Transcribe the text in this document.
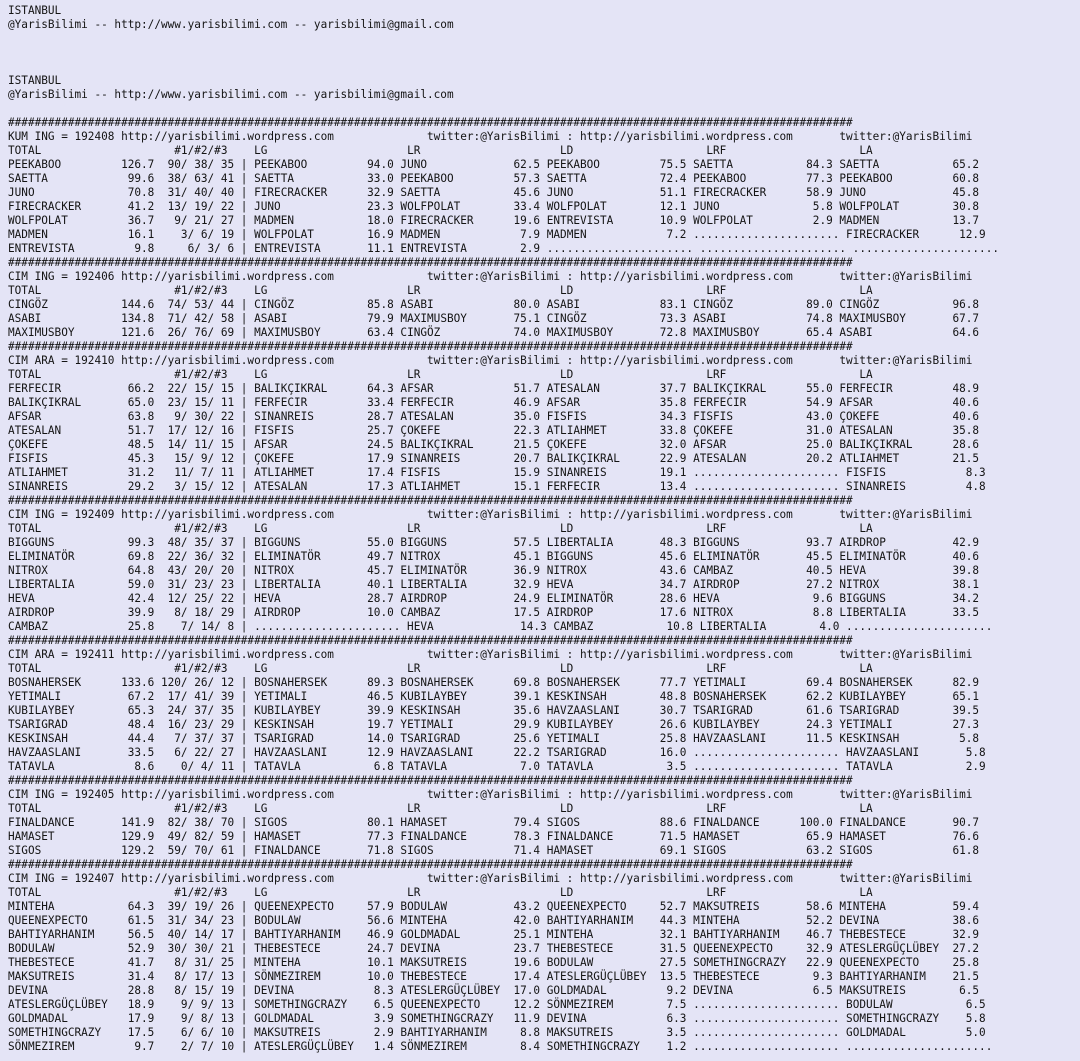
ISTANBUL
@YarisBilimi -- http://www.yarisbilimi.com -- yarisbilimi@gmail.com
ISTANBUL
@YarisBilimi -- http://www.yarisbilimi.com -- yarisbilimi@gmail.com
###############################################################################################################################
KUM ING = 192408 http://yarisbilimi.wordpress.com              twitter:@YarisBilimi : http://yarisbilimi.wordpress.com       twitter:@YarisBilimi
TOTAL                    #1/#2/#3    LG                     LR                     LD                    LRF                    LA
PEEKABOO         126.7  90/ 38/ 35 | PEEKABOO         94.0 JUNO             62.5 PEEKABOO         75.5 SAETTA           84.3 SAETTA           65.2
SAETTA            99.6  38/ 63/ 41 | SAETTA           33.0 PEEKABOO         57.3 SAETTA           72.4 PEEKABOO         77.3 PEEKABOO         60.8
JUNO              70.8  31/ 40/ 40 | FIRECRACKER      32.9 SAETTA           45.6 JUNO             51.1 FIRECRACKER      58.9 JUNO             45.8
FIRECRACKER       41.2  13/ 19/ 22 | JUNO             23.3 WOLFPOLAT        33.4 WOLFPOLAT        12.1 JUNO              5.8 WOLFPOLAT        30.8
WOLFPOLAT         36.7   9/ 21/ 27 | MADMEN           18.0 FIRECRACKER      19.6 ENTREVISTA       10.9 WOLFPOLAT         2.9 MADMEN           13.7
MADMEN            16.1    3/ 6/ 19 | WOLFPOLAT        16.9 MADMEN            7.9 MADMEN            7.2 ...................... FIRECRACKER      12.9
ENTREVISTA         9.8     6/ 3/ 6 | ENTREVISTA       11.1 ENTREVISTA        2.9 ...................... ...................... ......................
###############################################################################################################################
CIM ING = 192406 http://yarisbilimi.wordpress.com              twitter:@YarisBilimi : http://yarisbilimi.wordpress.com       twitter:@YarisBilimi
TOTAL                    #1/#2/#3    LG                     LR                     LD                    LRF                    LA
CINGÖZ           144.6  74/ 53/ 44 | CINGÖZ           85.8 ASABI            80.0 ASABI            83.1 CINGÖZ           89.0 CINGÖZ           96.8
ASABI            134.8  71/ 42/ 58 | ASABI            79.9 MAXIMUSBOY       75.1 CINGÖZ           73.3 ASABI            74.8 MAXIMUSBOY       67.7
MAXIMUSBOY       121.6  26/ 76/ 69 | MAXIMUSBOY       63.4 CINGÖZ           74.0 MAXIMUSBOY       72.8 MAXIMUSBOY       65.4 ASABI            64.6
###############################################################################################################################
CIM ARA = 192410 http://yarisbilimi.wordpress.com              twitter:@YarisBilimi : http://yarisbilimi.wordpress.com       twitter:@YarisBilimi
TOTAL                    #1/#2/#3    LG                     LR                     LD                    LRF                    LA
FERFECIR          66.2  22/ 15/ 15 | BALIKÇIKRAL      64.3 AFSAR            51.7 ATESALAN         37.7 BALIKÇIKRAL      55.0 FERFECIR         48.9
BALIKÇIKRAL       65.0  23/ 15/ 11 | FERFECIR         33.4 FERFECIR         46.9 AFSAR            35.8 FERFECIR         54.9 AFSAR            40.6
AFSAR             63.8   9/ 30/ 22 | SINANREIS        28.7 ATESALAN         35.0 FISFIS           34.3 FISFIS           43.0 ÇOKEFE           40.6
ATESALAN          51.7  17/ 12/ 16 | FISFIS           25.7 ÇOKEFE           22.3 ATLIAHMET        33.8 ÇOKEFE           31.0 ATESALAN         35.8
ÇOKEFE            48.5  14/ 11/ 15 | AFSAR            24.5 BALIKÇIKRAL      21.5 ÇOKEFE           32.0 AFSAR            25.0 BALIKÇIKRAL      28.6
FISFIS            45.3   15/ 9/ 12 | ÇOKEFE           17.9 SINANREIS        20.7 BALIKÇIKRAL      22.9 ATESALAN         20.2 ATLIAHMET        21.5
ATLIAHMET         31.2   11/ 7/ 11 | ATLIAHMET        17.4 FISFIS           15.9 SINANREIS        19.1 ...................... FISFIS            8.3
SINANREIS         29.2   3/ 15/ 12 | ATESALAN         17.3 ATLIAHMET        15.1 FERFECIR         13.4 ...................... SINANREIS         4.8
###############################################################################################################################
CIM ING = 192409 http://yarisbilimi.wordpress.com              twitter:@YarisBilimi : http://yarisbilimi.wordpress.com       twitter:@YarisBilimi
TOTAL                    #1/#2/#3    LG                     LR                     LD                    LRF                    LA
BIGGUNS           99.3  48/ 35/ 37 | BIGGUNS          55.0 BIGGUNS          57.5 LIBERTALIA       48.3 BIGGUNS          93.7 AIRDROP          42.9
ELIMINATÖR        69.8  22/ 36/ 32 | ELIMINATÖR       49.7 NITROX           45.1 BIGGUNS          45.6 ELIMINATÖR       45.5 ELIMINATÖR       40.6
NITROX            64.8  43/ 20/ 20 | NITROX           45.7 ELIMINATÖR       36.9 NITROX           43.6 CAMBAZ           40.5 HEVA             39.8
LIBERTALIA        59.0  31/ 23/ 23 | LIBERTALIA       40.1 LIBERTALIA       32.9 HEVA             34.7 AIRDROP          27.2 NITROX           38.1
HEVA              42.4  12/ 25/ 22 | HEVA             28.7 AIRDROP          24.9 ELIMINATÖR       28.6 HEVA              9.6 BIGGUNS          34.2
AIRDROP           39.9   8/ 18/ 29 | AIRDROP          10.0 CAMBAZ           17.5 AIRDROP          17.6 NITROX            8.8 LIBERTALIA       33.5
CAMBAZ            25.8    7/ 14/ 8 | ...................... HEVA             14.3 CAMBAZ           10.8 LIBERTALIA        4.0 ......................
###############################################################################################################################
CIM ARA = 192411 http://yarisbilimi.wordpress.com              twitter:@YarisBilimi : http://yarisbilimi.wordpress.com       twitter:@YarisBilimi
TOTAL                    #1/#2/#3    LG                     LR                     LD                    LRF                    LA
BOSNAHERSEK      133.6 120/ 26/ 12 | BOSNAHERSEK      89.3 BOSNAHERSEK      69.8 BOSNAHERSEK      77.7 YETIMALI         69.4 BOSNAHERSEK      82.9
YETIMALI          67.2  17/ 41/ 39 | YETIMALI         46.5 KUBILAYBEY       39.1 KESKINSAH        48.8 BOSNAHERSEK      62.2 KUBILAYBEY       65.1
KUBILAYBEY        65.3  24/ 37/ 35 | KUBILAYBEY       39.9 KESKINSAH        35.6 HAVZAASLANI      30.7 TSARIGRAD        61.6 TSARIGRAD        39.5
TSARIGRAD         48.4  16/ 23/ 29 | KESKINSAH        19.7 YETIMALI         29.9 KUBILAYBEY       26.6 KUBILAYBEY       24.3 YETIMALI         27.3
KESKINSAH         44.4   7/ 37/ 37 | TSARIGRAD        14.0 TSARIGRAD        25.6 YETIMALI         25.8 HAVZAASLANI      11.5 KESKINSAH         5.8
HAVZAASLANI       33.5   6/ 22/ 27 | HAVZAASLANI      12.9 HAVZAASLANI      22.2 TSARIGRAD        16.0 ...................... HAVZAASLANI       5.8
TATAVLA            8.6    0/ 4/ 11 | TATAVLA           6.8 TATAVLA           7.0 TATAVLA           3.5 ...................... TATAVLA           2.9
###############################################################################################################################
CIM ING = 192405 http://yarisbilimi.wordpress.com              twitter:@YarisBilimi : http://yarisbilimi.wordpress.com       twitter:@YarisBilimi
TOTAL                    #1/#2/#3    LG                     LR                     LD                    LRF                    LA
FINALDANCE       141.9  82/ 38/ 70 | SIGOS            80.1 HAMASET          79.4 SIGOS            88.6 FINALDANCE      100.0 FINALDANCE       90.7
HAMASET          129.9  49/ 82/ 59 | HAMASET          77.3 FINALDANCE       78.3 FINALDANCE       71.5 HAMASET          65.9 HAMASET          76.6
SIGOS            129.2  59/ 70/ 61 | FINALDANCE       71.8 SIGOS            71.4 HAMASET          69.1 SIGOS            63.2 SIGOS            61.8
###############################################################################################################################
CIM ING = 192407 http://yarisbilimi.wordpress.com              twitter:@YarisBilimi : http://yarisbilimi.wordpress.com       twitter:@YarisBilimi
TOTAL                    #1/#2/#3    LG                     LR                     LD                    LRF                    LA
MINTEHA           64.3  39/ 19/ 26 | QUEENEXPECTO     57.9 BODULAW          43.2 QUEENEXPECTO     52.7 MAKSUTREIS       58.6 MINTEHA          59.4
QUEENEXPECTO      61.5  31/ 34/ 23 | BODULAW          56.6 MINTEHA          42.0 BAHTIYARHANIM    44.3 MINTEHA          52.2 DEVINA           38.6
BAHTIYARHANIM     56.5  40/ 14/ 17 | BAHTIYARHANIM    46.9 GOLDMADAL        25.1 MINTEHA          32.1 BAHTIYARHANIM    46.7 THEBESTECE       32.9
BODULAW           52.9  30/ 30/ 21 | THEBESTECE       24.7 DEVINA           23.7 THEBESTECE       31.5 QUEENEXPECTO     32.9 ATESLERGÜÇLÜBEY  27.2
THEBESTECE        41.7   8/ 31/ 25 | MINTEHA          10.1 MAKSUTREIS       19.6 BODULAW          27.5 SOMETHINGCRAZY   22.9 QUEENEXPECTO     25.8
MAKSUTREIS        31.4   8/ 17/ 13 | SÖNMEZIREM       10.0 THEBESTECE       17.4 ATESLERGÜÇLÜBEY  13.5 THEBESTECE        9.3 BAHTIYARHANIM    21.5
DEVINA            28.8   8/ 15/ 19 | DEVINA            8.3 ATESLERGÜÇLÜBEY  17.0 GOLDMADAL         9.2 DEVINA            6.5 MAKSUTREIS        6.5
ATESLERGÜÇLÜBEY   18.9    9/ 9/ 13 | SOMETHINGCRAZY    6.5 QUEENEXPECTO     12.2 SÖNMEZIREM        7.5 ...................... BODULAW           6.5
GOLDMADAL         17.9    9/ 8/ 13 | GOLDMADAL         3.9 SOMETHINGCRAZY   11.9 DEVINA            6.3 ...................... SOMETHINGCRAZY    5.8
SOMETHINGCRAZY    17.5    6/ 6/ 10 | MAKSUTREIS        2.9 BAHTIYARHANIM     8.8 MAKSUTREIS        3.5 ...................... GOLDMADAL         5.0
SÖNMEZIREM         9.7    2/ 7/ 10 | ATESLERGÜÇLÜBEY   1.4 SÖNMEZIREM        8.4 SOMETHINGCRAZY    1.2 ...................... ......................
